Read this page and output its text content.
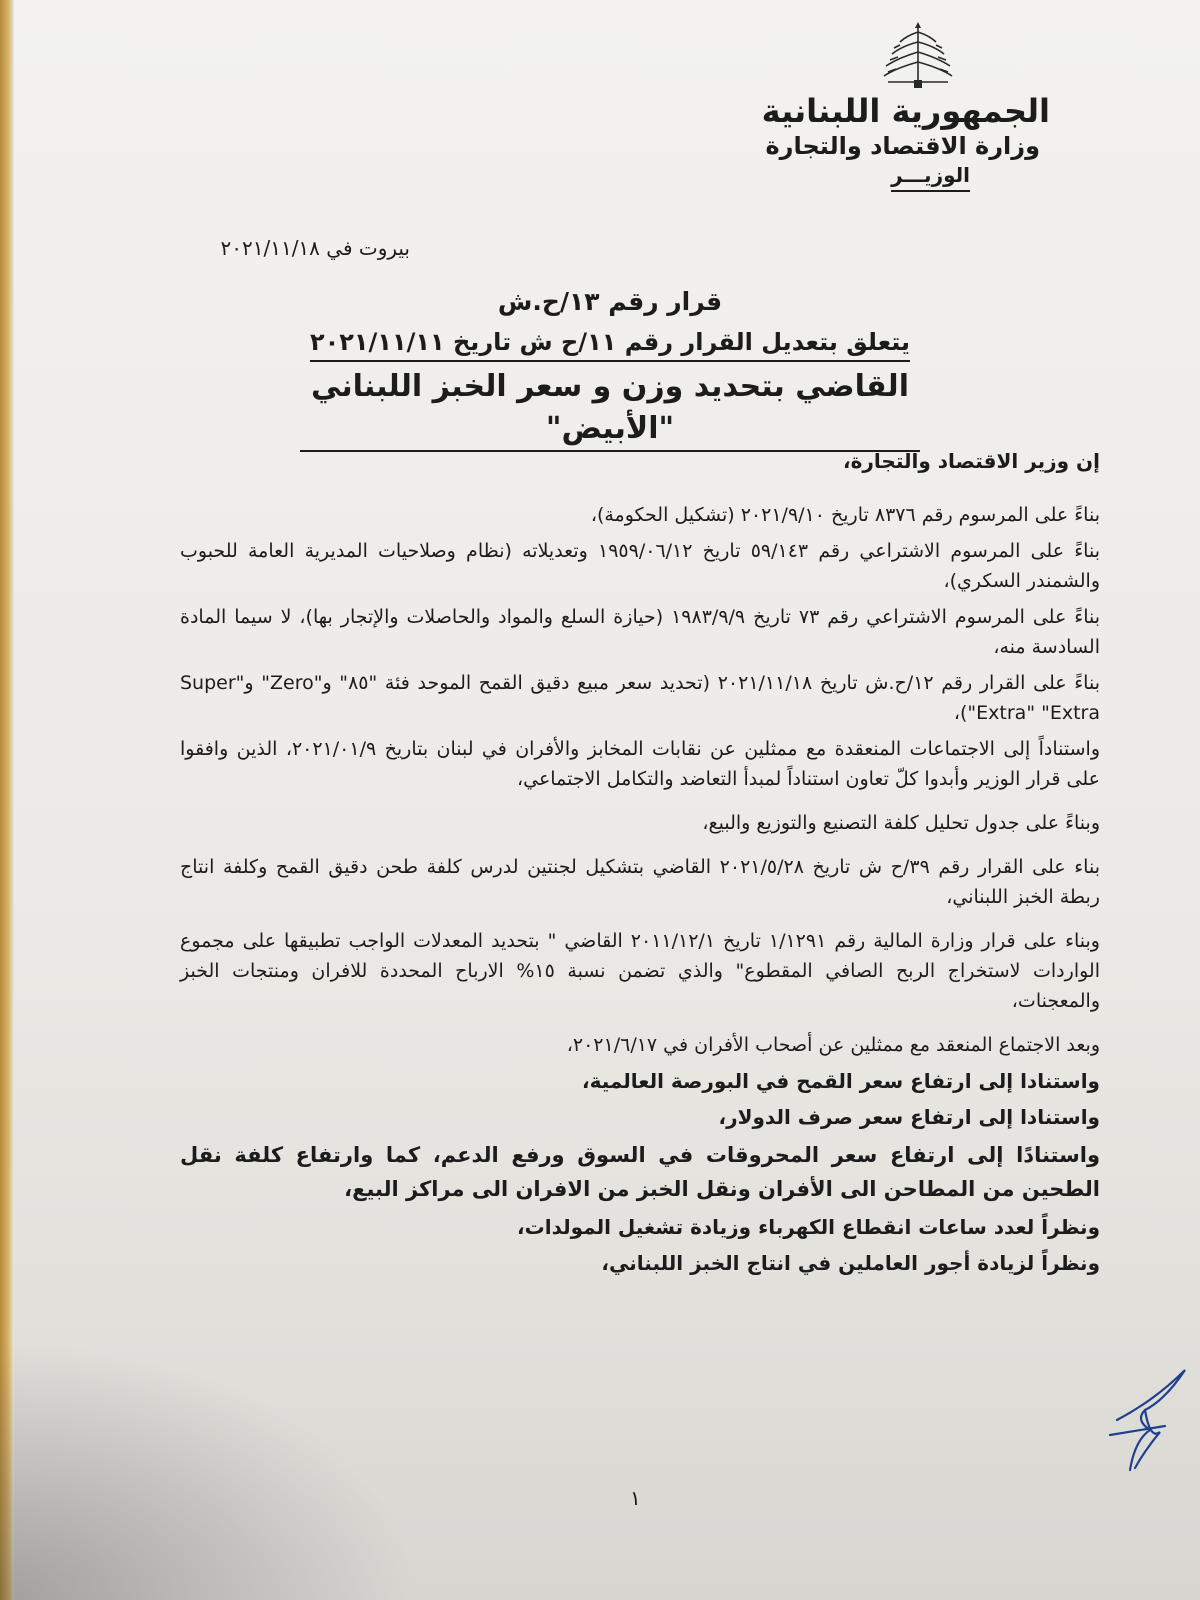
الجمهورية اللبنانية
وزارة الاقتصاد والتجارة
الوزيـــر
بيروت في ٢٠٢١/١١/١٨
قرار رقم ١٣/ح.ش
يتعلق بتعديل القرار رقم ١١/ح ش تاريخ ٢٠٢١/١١/١١
القاضي بتحديد وزن و سعر الخبز اللبناني "الأبيض"

إن وزير الاقتصاد والتجارة،

بناءً على المرسوم رقم ٨٣٧٦ تاريخ ٢٠٢١/٩/١٠ (تشكيل الحكومة)،

بناءً على المرسوم الاشتراعي رقم ٥٩/١٤٣ تاريخ ١٩٥٩/٠٦/١٢ وتعديلاته (نظام وصلاحيات المديرية العامة للحبوب والشمندر السكري)،

بناءً على المرسوم الاشتراعي رقم ٧٣ تاريخ ١٩٨٣/٩/٩ (حيازة السلع والمواد والحاصلات والإتجار بها)، لا سيما المادة السادسة منه،

بناءً على القرار رقم ١٢/ح.ش تاريخ ٢٠٢١/١١/١٨ (تحديد سعر مبيع دقيق القمح الموحد فئة "٨٥" و"Zero" و"Super Extra" "Extra")،

واستناداً إلى الاجتماعات المنعقدة مع ممثلين عن نقابات المخابز والأفران في لبنان بتاريخ ٢٠٢١/٠١/٩، الذين وافقوا على قرار الوزير وأبدوا كلّ تعاون استناداً لمبدأ التعاضد والتكامل الاجتماعي،

وبناءً على جدول تحليل كلفة التصنيع والتوزيع والبيع،

بناء على القرار رقم ٣٩/ح ش تاريخ ٢٠٢١/٥/٢٨ القاضي بتشكيل لجنتين لدرس كلفة طحن دقيق القمح وكلفة انتاج ربطة الخبز اللبناني،

وبناء على قرار وزارة المالية رقم ١/١٢٩١ تاريخ ٢٠١١/١٢/١ القاضي " بتحديد المعدلات الواجب تطبيقها على مجموع الواردات لاستخراج الربح الصافي المقطوع" والذي تضمن نسبة ١٥% الارباح المحددة للافران ومنتجات الخبز والمعجنات،

وبعد الاجتماع المنعقد مع ممثلين عن أصحاب الأفران في ٢٠٢١/٦/١٧،

واستنادا إلى ارتفاع سعر القمح في البورصة العالمية،

واستنادا إلى ارتفاع سعر صرف الدولار،

واستنادًا إلى ارتفاع سعر المحروقات في السوق ورفع الدعم، كما وارتفاع كلفة نقل الطحين من المطاحن الى الأفران ونقل الخبز من الافران الى مراكز البيع،

ونظراً لعدد ساعات انقطاع الكهرباء وزيادة تشغيل المولدات،

ونظراً لزيادة أجور العاملين في انتاج الخبز اللبناني،

١
